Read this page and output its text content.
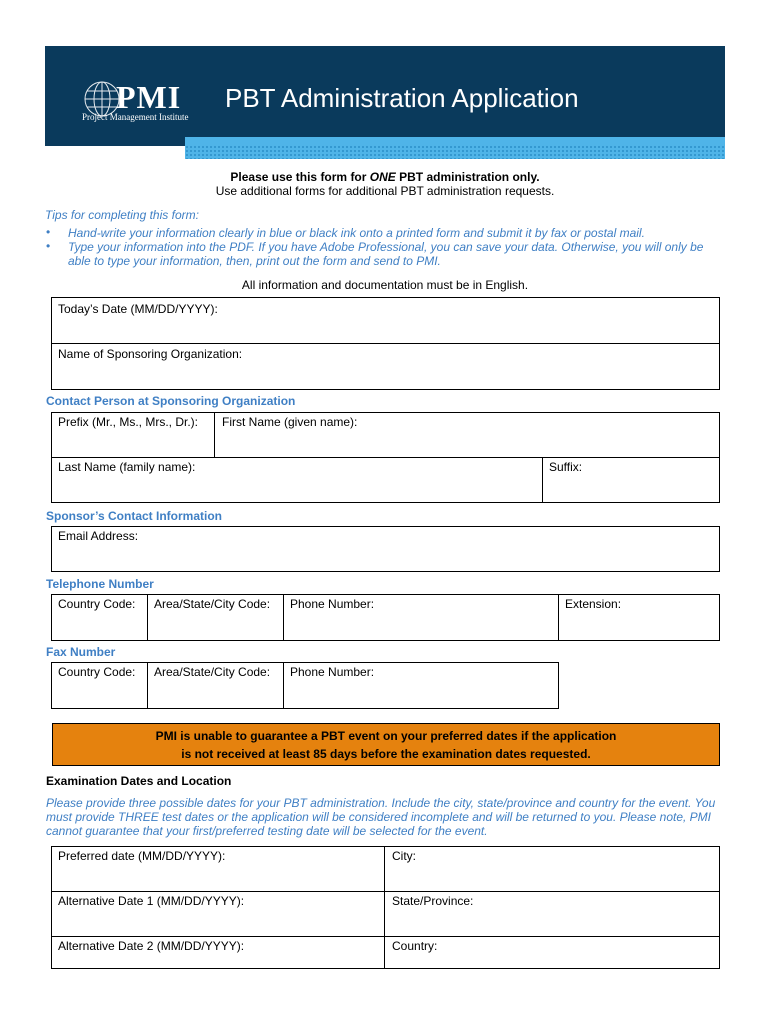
PMI
Project Management Institute
PBT Administration Application
Please use this form for ONE PBT administration only.
Use additional forms for additional PBT administration requests.
Tips for completing this form:
• Hand-write your information clearly in blue or black ink onto a printed form and submit it by fax or postal mail.
• Type your information into the PDF. If you have Adobe Professional, you can save your data. Otherwise, you will only be able to type your information, then, print out the form and send to PMI.
All information and documentation must be in English.
Today’s Date (MM/DD/YYYY):
Name of Sponsoring Organization:
Contact Person at Sponsoring Organization
Prefix (Mr., Ms., Mrs., Dr.): First Name (given name):
Last Name (family name):	Suffix:
Sponsor’s Contact Information
Email Address:
Telephone Number
Country Code: Area/State/City Code: Phone Number:	Extension:
Fax Number
Country Code: Area/State/City Code: Phone Number:
PMI is unable to guarantee a PBT event on your preferred dates if the application
is not received at least 85 days before the examination dates requested.
Examination Dates and Location
Please provide three possible dates for your PBT administration. Include the city, state/province and country for the event. You must provide THREE test dates or the application will be considered incomplete and will be returned to you. Please note, PMI cannot guarantee that your first/preferred testing date will be selected for the event.
Preferred date (MM/DD/YYYY):	City:
Alternative Date 1 (MM/DD/YYYY):	State/Province:
Alternative Date 2 (MM/DD/YYYY):	Country:
